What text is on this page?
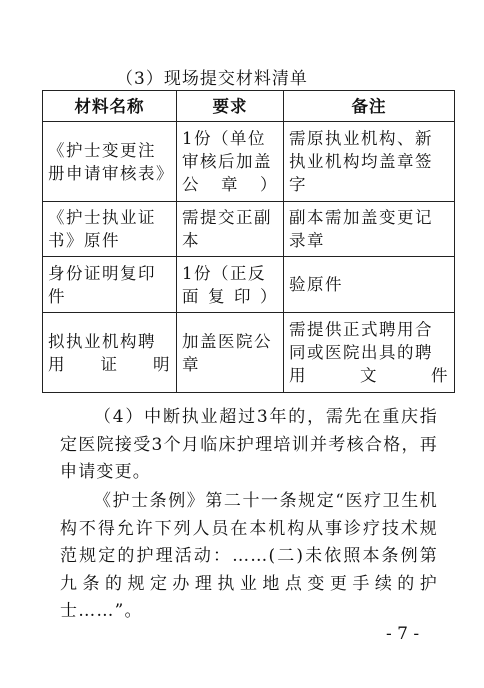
（3）现场提交材料清单
材料名称	要求	备注
《护士变更注册申请审核表》	1份（单位审核后加盖公章）	需原执业机构、新执业机构均盖章签字
《护士执业证书》原件	需提交正副本	副本需加盖变更记录章
身份证明复印件	1份（正反面复印）	验原件
拟执业机构聘用证明	加盖医院公章	需提供正式聘用合同或医院出具的聘用文件

（4）中断执业超过3年的，需先在重庆指定医院接受3个月临床护理培训并考核合格，再申请变更。

《护士条例》第二十一条规定“医疗卫生机构不得允许下列人员在本机构从事诊疗技术规范规定的护理活动：……(二)未依照本条例第九条的规定办理执业地点变更手续的护士……”。

- 7 -
